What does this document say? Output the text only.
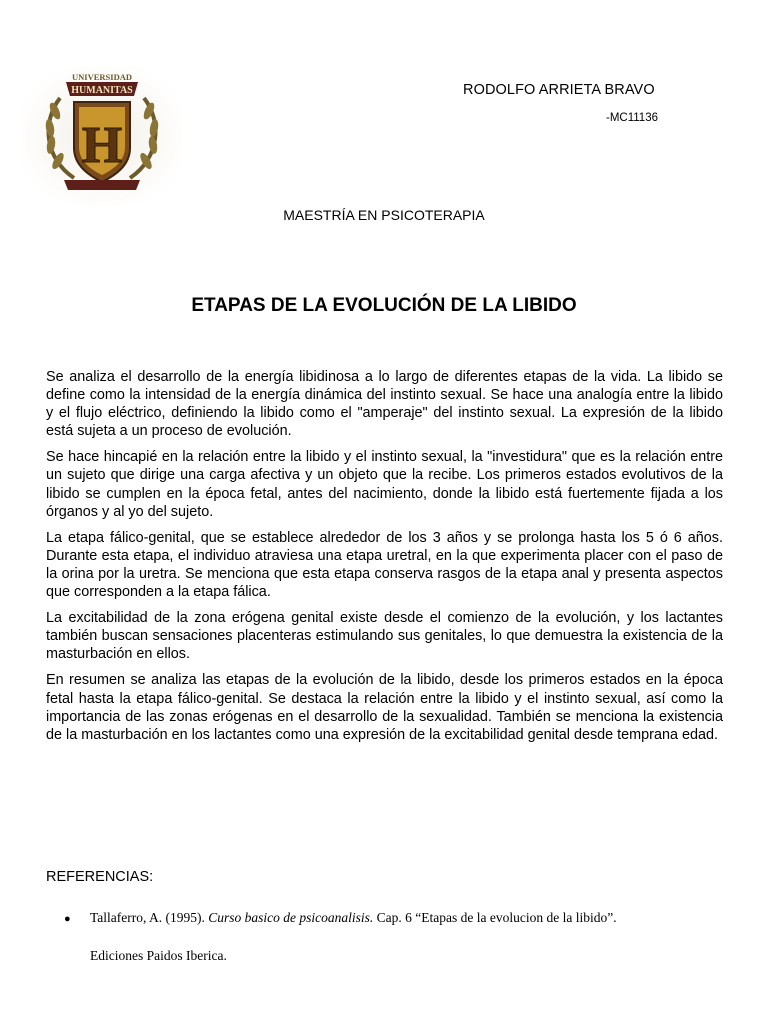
UNIVERSIDAD
HUMANITAS
H
RODOLFO ARRIETA BRAVO
-MC11136
MAESTRÍA EN PSICOTERAPIA
ETAPAS DE LA EVOLUCIÓN DE LA LIBIDO

Se analiza el desarrollo de la energía libidinosa a lo largo de diferentes etapas de la vida. La libido se define como la intensidad de la energía dinámica del instinto sexual. Se hace una analogía entre la libido y el flujo eléctrico, definiendo la libido como el "amperaje" del instinto sexual. La expresión de la libido está sujeta a un proceso de evolución.

Se hace hincapié en la relación entre la libido y el instinto sexual, la "investidura" que es la relación entre un sujeto que dirige una carga afectiva y un objeto que la recibe. Los primeros estados evolutivos de la libido se cumplen en la época fetal, antes del nacimiento, donde la libido está fuertemente fijada a los órganos y al yo del sujeto.

La etapa fálico-genital, que se establece alrededor de los 3 años y se prolonga hasta los 5 ó 6 años. Durante esta etapa, el individuo atraviesa una etapa uretral, en la que experimenta placer con el paso de la orina por la uretra. Se menciona que esta etapa conserva rasgos de la etapa anal y presenta aspectos que corresponden a la etapa fálica.

La excitabilidad de la zona erógena genital existe desde el comienzo de la evolución, y los lactantes también buscan sensaciones placenteras estimulando sus genitales, lo que demuestra la existencia de la masturbación en ellos.

En resumen se analiza las etapas de la evolución de la libido, desde los primeros estados en la época fetal hasta la etapa fálico-genital. Se destaca la relación entre la libido y el instinto sexual, así como la importancia de las zonas erógenas en el desarrollo de la sexualidad. También se menciona la existencia de la masturbación en los lactantes como una expresión de la excitabilidad genital desde temprana edad.

REFERENCIAS:
●	Tallaferro, A. (1995). Curso basico de psicoanalisis. Cap. 6 “Etapas de la evolucion de la libido”.
Ediciones Paidos Iberica.
